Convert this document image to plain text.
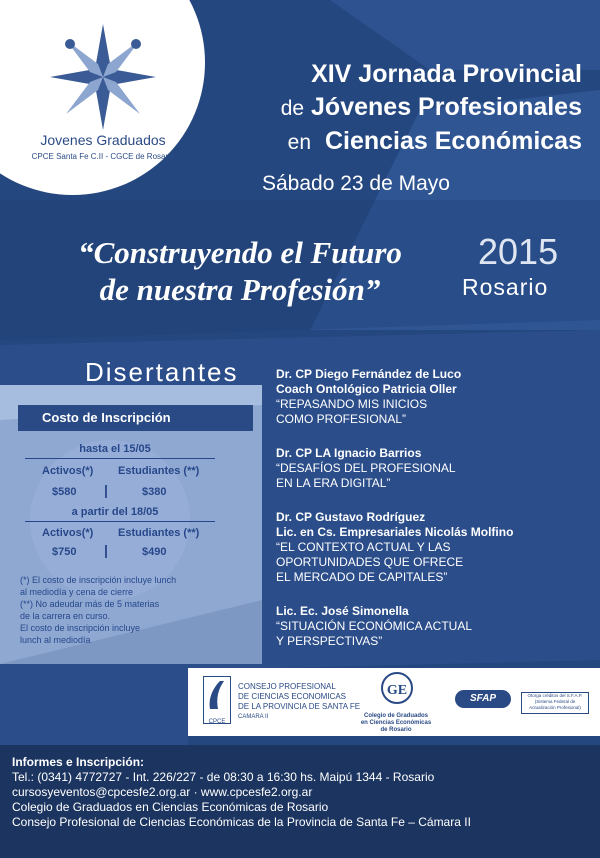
Jovenes Graduados
CPCE Santa Fe C.II - CGCE de Rosario
XIV Jornada Provincial
de Jóvenes Profesionales
en Ciencias Económicas
Sábado 23 de Mayo
“Construyendo el Futuro
de nuestra Profesión”
2015
Rosario
Disertantes
Costo de Inscripción
hasta el 15/05
Activos(*) Estudiantes (**)
$580 |	$380
a partir del 18/05
Activos(*) Estudiantes (**)
$750 |	$490
(*) El costo de inscripción incluye lunch
al mediodía y cena de cierre
(**) No adeudar más de 5 materias
de la carrera en curso.
El costo de inscripción incluye
lunch al mediodía
Dr. CP Diego Fernández de Luco
Coach Ontológico Patricia Oller
“REPASANDO MIS INICIOS
COMO PROFESIONAL”
Dr. CP LA Ignacio Barrios
“DESAFÍOS DEL PROFESIONAL
EN LA ERA DIGITAL”
Dr. CP Gustavo Rodríguez
Lic. en Cs. Empresariales Nicolás Molfino
“EL CONTEXTO ACTUAL Y LAS
OPORTUNIDADES QUE OFRECE
EL MERCADO DE CAPITALES”
Lic. Ec. José Simonella
“SITUACIÓN ECONÓMICA ACTUAL
Y PERSPECTIVAS”
CPCE
CONSEJO PROFESIONAL
DE CIENCIAS ECONOMICAS
DE LA PROVINCIA DE SANTA FE
CAMARA II
GE
Colegio de Graduados
en Ciencias Económicas
de Rosario
SFAP	Otorga créditos del S.F.A.P.
(Sistema Federal de
Actualización Profesional)
Informes e Inscripción:
Tel.: (0341) 4772727 - Int. 226/227 - de 08:30 a 16:30 hs. Maipú 1344 - Rosario
cursosyeventos@cpcesfe2.org.ar · www.cpcesfe2.org.ar
Colegio de Graduados en Ciencias Económicas de Rosario
Consejo Profesional de Ciencias Económicas de la Provincia de Santa Fe – Cámara II
